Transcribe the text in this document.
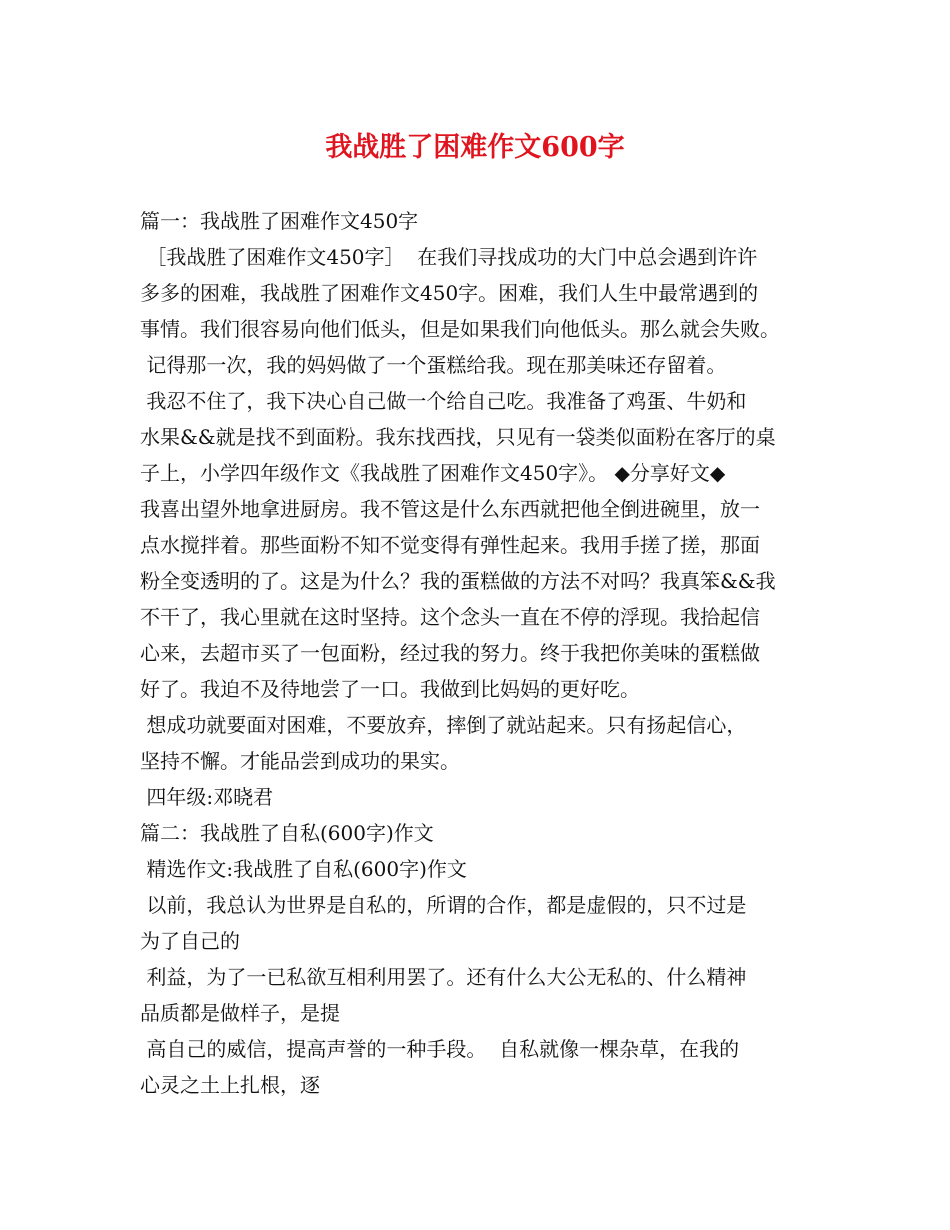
我战胜了困难作文600字
篇一：我战胜了困难作文450字
［我战胜了困难作文450字］  在我们寻找成功的大门中总会遇到许许
多多的困难，我战胜了困难作文450字。困难，我们人生中最常遇到的
事情。我们很容易向他们低头，但是如果我们向他低头。那么就会失败。
记得那一次，我的妈妈做了一个蛋糕给我。现在那美味还存留着。
我忍不住了，我下决心自己做一个给自己吃。我准备了鸡蛋、牛奶和
水果&&就是找不到面粉。我东找西找，只见有一袋类似面粉在客厅的桌
子上，小学四年级作文《我战胜了困难作文450字》。 ◆分享好文◆
我喜出望外地拿进厨房。我不管这是什么东西就把他全倒进碗里，放一
点水搅拌着。那些面粉不知不觉变得有弹性起来。我用手搓了搓，那面
粉全变透明的了。这是为什么？我的蛋糕做的方法不对吗？我真笨&&我
不干了，我心里就在这时坚持。这个念头一直在不停的浮现。我拾起信
心来，去超市买了一包面粉，经过我的努力。终于我把你美味的蛋糕做
好了。我迫不及待地尝了一口。我做到比妈妈的更好吃。
想成功就要面对困难，不要放弃，摔倒了就站起来。只有扬起信心，
坚持不懈。才能品尝到成功的果实。
四年级:邓晓君
篇二：我战胜了自私(600字)作文
精选作文:我战胜了自私(600字)作文
以前，我总认为世界是自私的，所谓的合作，都是虚假的，只不过是
为了自己的
利益，为了一已私欲互相利用罢了。还有什么大公无私的、什么精神
品质都是做样子，是提
高自己的威信，提高声誉的一种手段。  自私就像一棵杂草，在我的
心灵之土上扎根，逐
